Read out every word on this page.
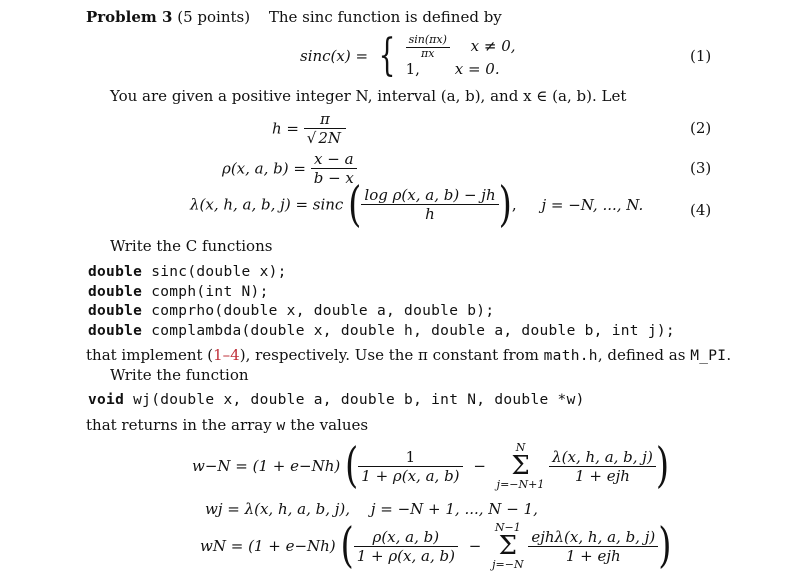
Problem 3 (5 points) The sinc function is defined by
sinc(x) = { $\frac{\sin(\pi x)}{\pi x}$ x ≠ 0,
1, x = 0.
(1)
You are given a positive integer N, interval (a, b), and x ∈ (a, b). Let
$h = \frac{\pi}{√ 2N}$	(2)
ρ(x, a, $b) = \frac{x - a}{b - x}$	(3)
λ(x, h, a, b, j) = sinc ( $\frac{\text{log ρ(x, a, b) − jh}}{h}$ ), j = −N, ..., N.	(4)
Write the C functions
double sinc(double x);
double comph(int N);
double comprho(double x, double a, double b);
double complambda(double x, double h, double a, double b, int j);
that implement (1–4), respectively. Use the π constant from math.h, defined as M_PI.
Write the function
void wj(double x, double a, double b, int N, double *w)
that returns in the array w the values
w−N = (1 + e−Nh) ( $\frac{1}{1 + \rho(x, a, b)} - N$
Σ
$j=-N+1 \frac{\lambda(x, h, a, b, j)}{\text{1 + ejh}}$ )
wj = λ(x, h, a, b, j), j = −N + 1, ..., N − 1,
wN = (1 + e−Nh) ( $\frac{\rho(x, a, b)}{1 + \rho(x, a, b)} - N-1$
Σ
$j=-N \frac{\text{ejhλ(x, h, a, b, j)}}{\text{1 + ejh}}$ )
